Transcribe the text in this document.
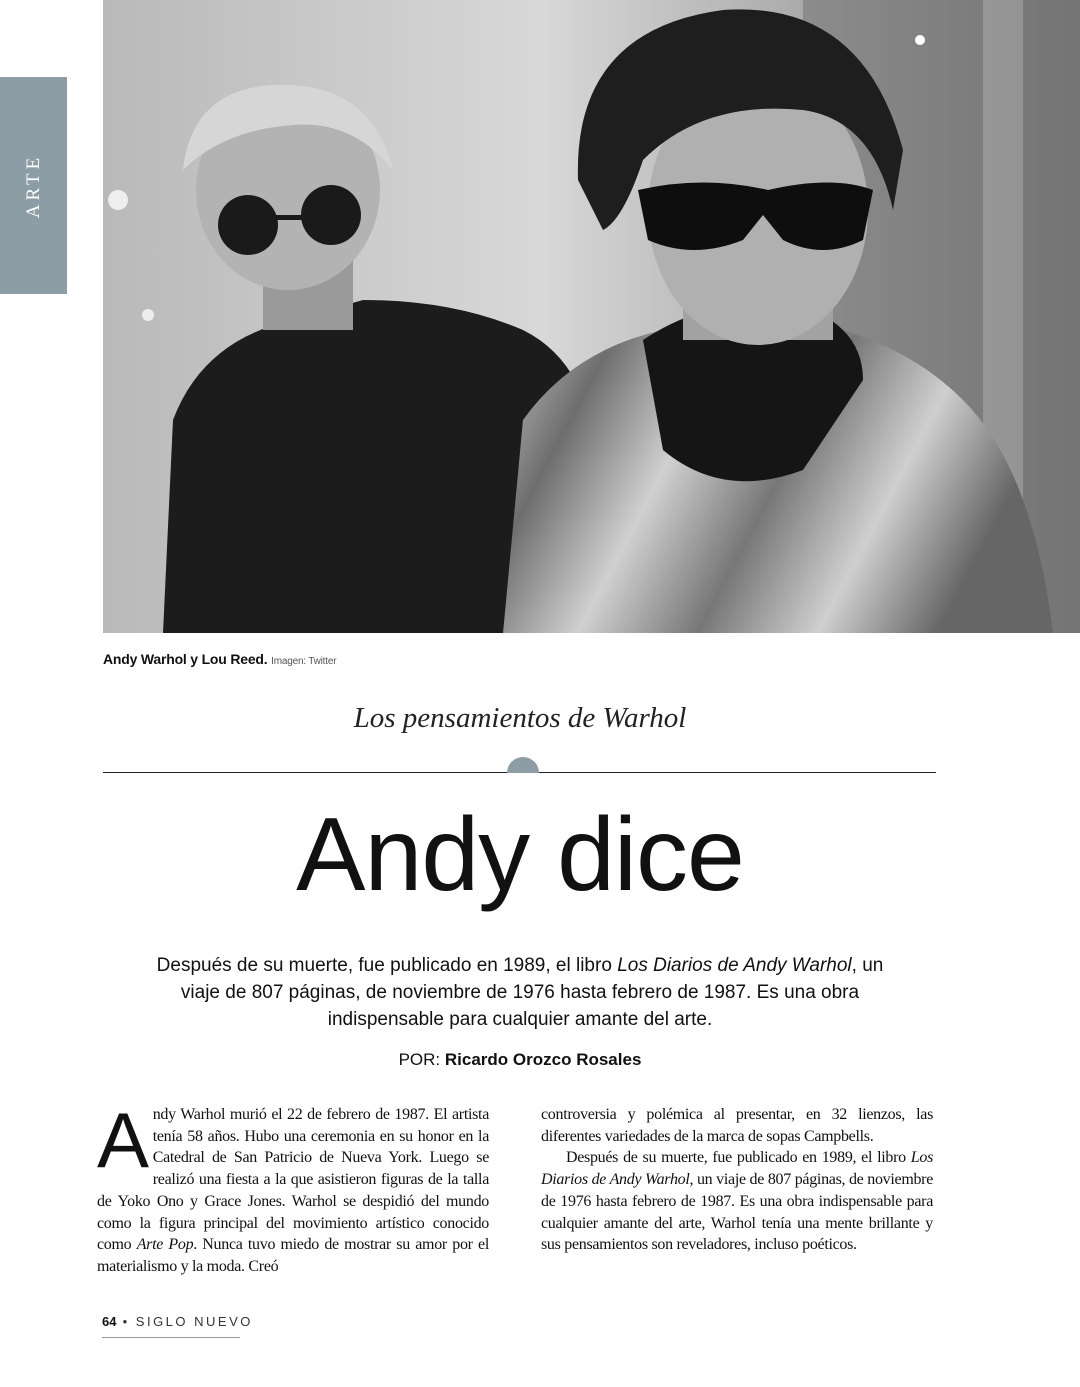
ARTE
Andy Warhol y Lou Reed. Imagen: Twitter
Los pensamientos de Warhol
Andy dice
Después de su muerte, fue publicado en 1989, el libro Los Diarios de Andy Warhol, un viaje de 807 páginas, de noviembre de 1976 hasta febrero de 1987. Es una obra indispensable para cualquier amante del arte.
POR: Ricardo Orozco Rosales

Andy Warhol murió el 22 de febrero de 1987. El artista tenía 58 años. Hubo una ceremonia en su honor en la Catedral de San Patricio de Nueva York. Luego se realizó una fiesta a la que asistieron figuras de la talla de Yoko Ono y Grace Jones. Warhol se despidió del mundo como la figura principal del movimiento artístico conocido como Arte Pop. Nunca tuvo miedo de mostrar su amor por el materialismo y la moda. Creó

controversia y polémica al presentar, en 32 lienzos, las diferentes variedades de la marca de sopas Campbells.

Después de su muerte, fue publicado en 1989, el libro Los Diarios de Andy Warhol, un viaje de 807 páginas, de noviembre de 1976 hasta febrero de 1987. Es una obra indispensable para cualquier amante del arte, Warhol tenía una mente brillante y sus pensamientos son reveladores, incluso poéticos.

64 • SIGLO NUEVO
